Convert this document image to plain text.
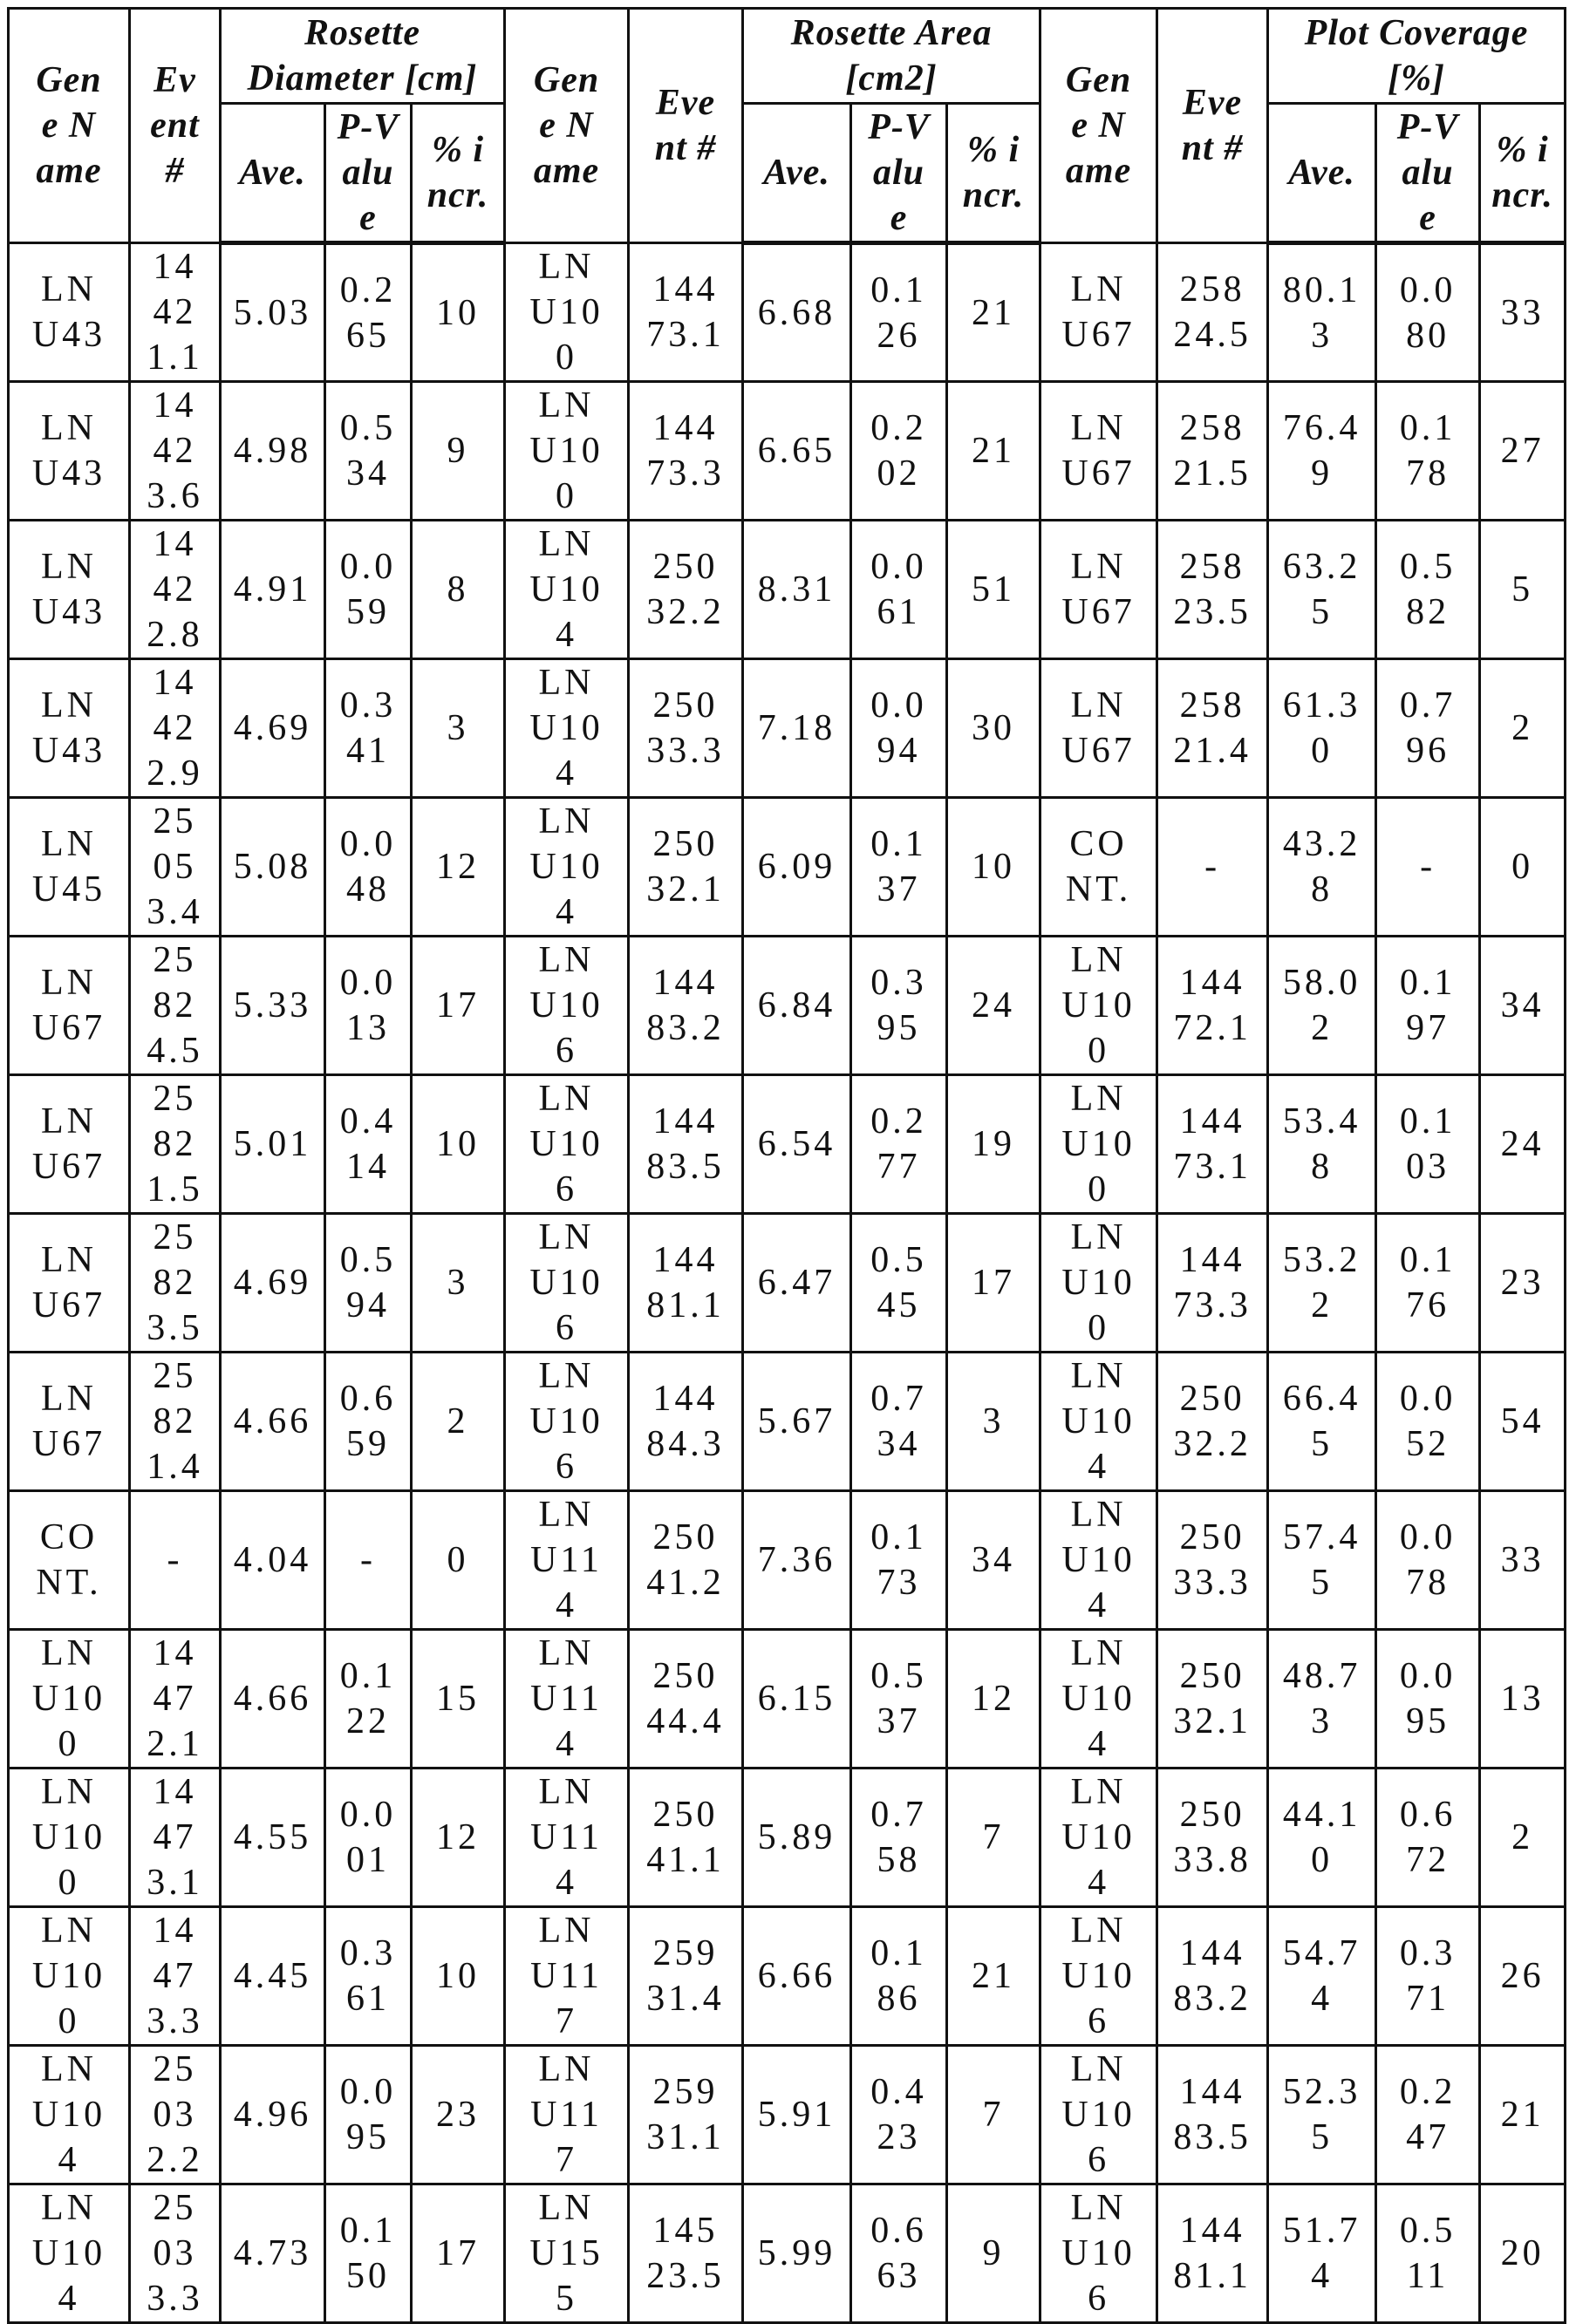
Gene Name

Event #

Rosette Diameter [cm]	Gene Name

Event #

Rosette Area [cm2]	Gene Name

Event #

Plot Coverage [%]

Ave.

P-Value

% incr.

Ave.

P-Value

% incr.

Ave.

P-Value

% incr.

LNU43

14421.1

5.03

0.265

10

LNU100

14473.1

6.68

0.126

21

LNU67

25824.5

80.13

0.080

33

LNU43

14423.6

4.98

0.534

9

LNU100

14473.3

6.65

0.202

21

LNU67

25821.5

76.49

0.178

27

LNU43

14422.8

4.91

0.059

8

LNU104

25032.2

8.31

0.061

51

LNU67

25823.5

63.25

0.582

5

LNU43

14422.9

4.69

0.341

3

LNU104

25033.3

7.18

0.094

30

LNU67

25821.4

61.30

0.796

2

LNU45

25053.4

5.08

0.048

12

LNU104

25032.1

6.09

0.137

10

CONT.

-

43.28

-	0

LNU67

25824.5

5.33

0.013

17

LNU106

14483.2

6.84

0.395

24

LNU100

14472.1

58.02

0.197

34

LNU67

25821.5

5.01

0.414

10

LNU106

14483.5

6.54

0.277

19

LNU100

14473.1

53.48

0.103

24

LNU67

25823.5

4.69

0.594

3

LNU106

14481.1

6.47

0.545

17

LNU100

14473.3

53.22

0.176

23

LNU67

25821.4

4.66

0.659

2

LNU106

14484.3

5.67

0.734

3

LNU104

25032.2

66.45

0.052

54

CONT.

-	4.04	-	0

LNU114

25041.2

7.36

0.173

34

LNU104

25033.3

57.45

0.078

33

LNU100

14472.1

4.66

0.122

15

LNU114

25044.4

6.15

0.537

12

LNU104

25032.1

48.73

0.095

13

LNU100

14473.1

4.55

0.001

12

LNU114

25041.1

5.89

0.758

7

LNU104

25033.8

44.10

0.672

2

LNU100

14473.3

4.45

0.361

10

LNU117

25931.4

6.66

0.186

21

LNU106

14483.2

54.74

0.371

26

LNU104

25032.2

4.96

0.095

23

LNU117

25931.1

5.91

0.423

7

LNU106

14483.5

52.35

0.247

21

LNU104

25033.3

4.73

0.150

17

LNU155

14523.5

5.99

0.663

9

LNU106

14481.1

51.74

0.511

20
